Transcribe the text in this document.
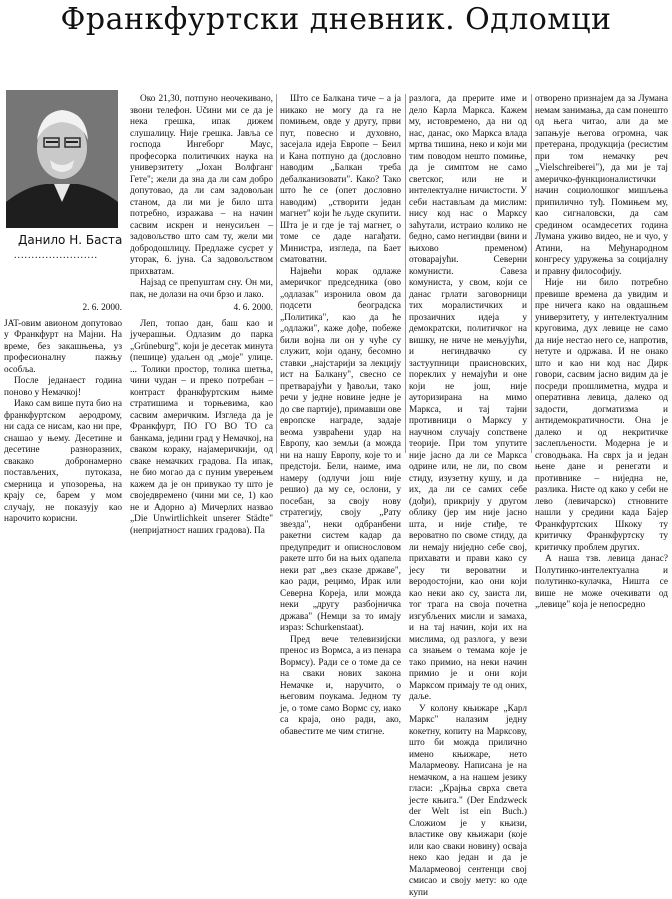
Франкфуртски дневник. Одломци
Данило Н. Баста
........................

2. 6. 2000.

JAT-овим авионом допутовао у Франкфурт на Мајни. На време, без закашњења, уз професионалну пажњу особља.

После једанаест година поново у Немачкој!

Иако сам више пута био на франкфуртском аеродрому, ни сада се нисам, као ни пре, снашао у њему. Десетине и десетине разноразних, свакако добронамерно постављених, путоказа, смерница и упозорења, на крају се, барем у мом случају, не показују као нарочито корисни.

Око 21,30, потпуно неочекивано, звони телефон. Učини ми се да је нека грешка, ипак дижем слушалицу. Није грешка. Јавља се господа Ингеборг Маус, професорка политичких наука на универзитету „Јохан Волфганг Гете"; жели да зна да ли сам добро допутовао, да ли сам задовољан станом, да ли ми је било шта потребно, изражава – на начин сасвим искрен и ненусиљен – задовољство што сам ту, жели ми добродошлицу. Предлаже сусрет у уторак, 6. јуна. Са задовољством прихватам.

Најзад се препуштам сну. Он ми, пак, не долази на очи брзо и лако.

4. 6. 2000.

Леп, топао дан, баш као и јучерашњи. Одлазим до парка „Grüneburg", који је десетак минута (пешице) удаљен од „моје" улице. ... Толики простор, толика шетња, чини чудан – и прекo потребан – контраст франкфуртским њиме стратишима и торњевима, као сасвим америчким. Изгледа да је Франкфурт, ПО ГО ВО ТО са банкама, једини град у Немачкој, на свaком кораку, најамеричкији, од сваке немачких градова. Па ипак, не био могао да с пуним уверењем кажем да је он привукао ту што је своједвремено (чини ми се, 1) као не и Адорно а) Мичерлих назвао „Die Unwirtlichkeit unserer Städte" (непријатност наших градова). Па

Што се Балкана тиче – а ја никако не могу да га не помињем, овде у другу, први пут, повесно и духовно, засејала идеја Европе – Беил и Кана потпуно да (дословно наводим „Балкан требa дебалканизовати". Како? Тако што ће се (опет дословно наводим) „створити један магнет" који ће људе скупити. Шта је и где је тај магнет, о томе се даде нагађати. Министра, изгледа, па Бает сматоватни.

Највећи корак одлаже америчкoг председника (oво „одлазак" изронила овом да подсети београдска „Политика", као да ће „одлажи", каже дође, побеже били војна ли он у чуће су служит, који одану, бесомно ставки „најстарији за лекцију ист на Балкану", свесно се претварајући у ђавољи, тако речи у једне новине једне је до све партије), примавши ове европске награде, задаје веома узвраћени удар на Европу, као земљи (а можда ни на нашу Европу, које то и предстоји. Бели, наиме, има намеру (одлучи још није решио) да му се, ослони, у посебан, за своју нову стратегију, своју „Рату звезда", неки одбранбени ракетни систем кадар да предупредит и описнословом ракете што би на њих одапела неки рат „вез сказе државе", као ради, рецимо, Ирак или Северна Кореја, или можда неки „другу разбојничка држава" (Немци за то имају израз: Schurkenstaat).

Пред вече телевизијски пренос из Вормса, а из пенара Вормсу). Ради се о томе да се на сваки нових закона Немачке и, наручито, о његовим поукама. Једном ту је, о томе само Вормс су, иако са краја, оно ради, ако, обавестите ме чим стигне.

разлога, да пpерите име и дело Карла Маркса. Кажем му, истоврeмено, да ни од нас, данас, око Маркса влада мртва тишина, неко и који ми тим поводом нешто помиње, да је симптом не само светског, или не и интелектуалне ничистости. У себи настављам да мислим: нису код нас о Марксу заћутали, истраио колико не бедно, само негиндви (вини и њихово пременом) отоварајући. Северни комунисти. Савеза комуниста, у свом, који се данас грлати заговорници тих моралистичких и прозаичних идеја у демократски, политичког на вишку, не ниче не мењујући, и негиндвачко су застуупници праисновских, пореклих у немајући и оне који не још, није ауторизирана на мимо Маркса, и тај тајни противници о Марксу у научном случају сопствене теорије. При том упутите није јасно да ли се Маркса одрине или, не ли, по свом стиду, изузетну кушу, и да их, да ли се самих себе (дођи), прикрију у другом облику (јер им није јасно шта, и није стиђе, те вероватно по своме стиду, да ли немају ниједно себе свој, прихавати и прави како су јесу ти вероватни и веродостојни, као они који као неки ако су, заиста ли, тог трага на своја почетна изгубљених мисли и замаха, и на тај начин, који их на мислима, од разлога, у вези са знањем о темама које је тако примио, на неки начин примио је и они који Марксом примају те од оних, даље.

У колону књижаре „Карл Маркс" налазим једну кокетну, копиту на Марксову, што би можда прилично имено књижаре, нето Малармеову. Написана је на немачком, а на нашем језику гласи: „Крајња сврха света јесте књига." (Der Endzweck der Welt ist ein Buch.) Сложиом је у књизи, властике ову књижари (које или као сваки новину) осваја неко као један и да је Малармеовој сентенци свој смисао и своју мету: ко оде купи

отворено признајем да за Лумана немам занимања, да сам понешто од њега читао, али да ме запањује његова огромна, чак претерана, продукција (ресистим при том немачку реч „Vielschreiberei"), да ми је тај америчко-функционалистички начин социолошког мишљења припилично туђ. Помињем му, као сигналовски, да сам средином осамдесетих година Лумана уживо видео, не и чуо, у Атини, на Међународном конгресу удружења за социјалну и правну философију.

Није ни било потребно превише времена да увидим и пре ничега како на овдашњем универзитету, у интелектуалним круговима, дух левице не само да није нестао него се, напротив, нетуте и одржава. И не онако што и као ни код нас Дирк говори, сасвим јасно видим да је посреди прошлиметна, мудра и оперативна левица, далеко од задости, догматизма и антидемократичности. Она је далеко и од некритичке заслепљености. Модерна је и сговодњака. На сврх ја и један њене дане и ренегати и противнике – ниједна не, разлика. Нисте од како у себи не лево (левичарско) стновните нашли у средини када Бајер Франкфуртских Шкоку ту критичку Франкфуртску ту критичку проблем других.

А наша тзв. левица данас? Полутинко-интелектуална и полутинко-кулачка, Ништа се више не може очекивати од „левице" која је непосредно
